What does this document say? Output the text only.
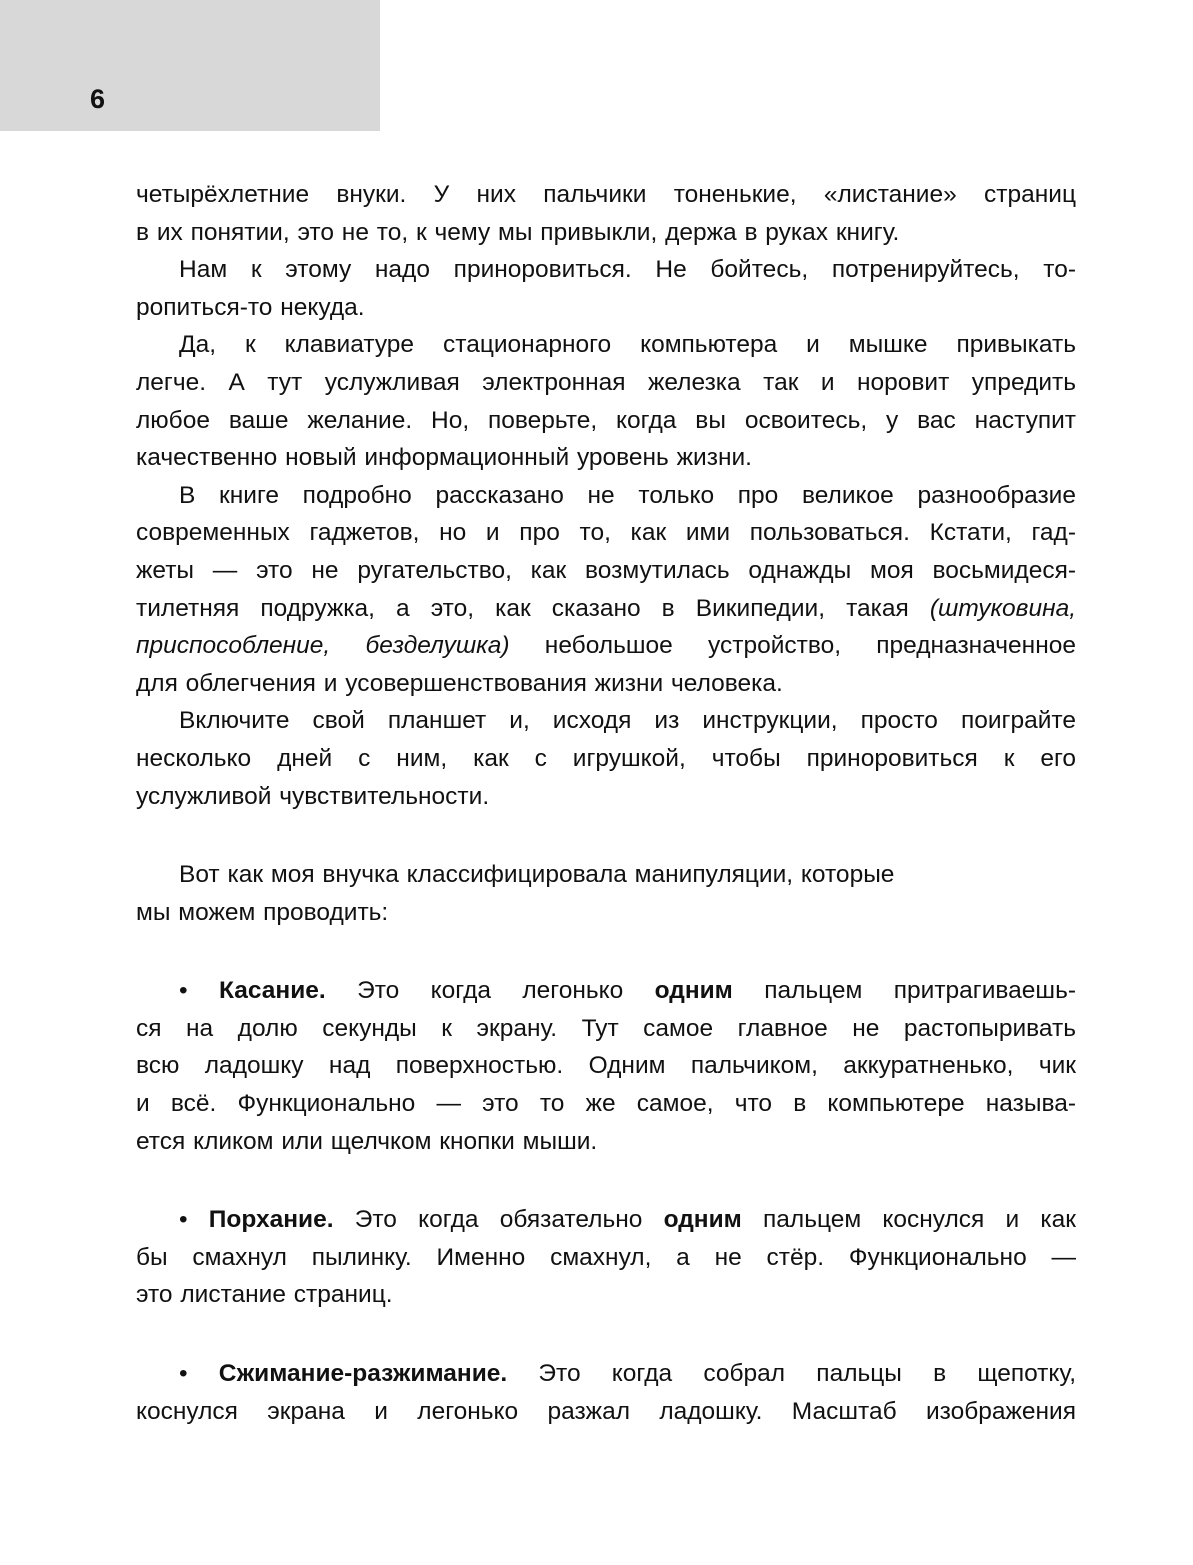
6
четырёхлетние внуки. У них пальчики тоненькие, «листание» страниц
в их понятии, это не то, к чему мы привыкли, держа в руках книгу.
Нам к этому надо приноровиться. Не бойтесь, потренируйтесь, то-
ропиться-то некуда.
Да, к клавиатуре стационарного компьютера и мышке привыкать
легче. А тут услужливая электронная железка так и норовит упредить
любое ваше желание. Но, поверьте, когда вы освоитесь, у вас наступит
качественно новый информационный уровень жизни.
В книге подробно рассказано не только про великое разнообразие
современных гаджетов, но и про то, как ими пользоваться. Кстати, гад-
жеты — это не ругательство, как возмутилась однажды моя восьмидеся-
тилетняя подружка, а это, как сказано в Википедии, такая (штуковина,
приспособление, безделушка) небольшое устройство, предназначенное
для облегчения и усовершенствования жизни человека.
Включите свой планшет и, исходя из инструкции, просто поиграйте
несколько дней с ним, как с игрушкой, чтобы приноровиться к его
услужливой чувствительности.
Вот как моя внучка классифицировала манипуляции, которые
мы можем проводить:
• Касание. Это когда легонько одним пальцем притрагиваешь-
ся на долю секунды к экрану. Тут самое главное не растопыривать
всю ладошку над поверхностью. Одним пальчиком, аккуратненько, чик
и всё. Функционально — это то же самое, что в компьютере называ-
ется кликом или щелчком кнопки мыши.
• Порхание. Это когда обязательно одним пальцем коснулся и как
бы смахнул пылинку. Именно смахнул, а не стёр. Функционально —
это листание страниц.
• Сжимание-разжимание. Это когда собрал пальцы в щепотку,
коснулся экрана и легонько разжал ладошку. Масштаб изображения
